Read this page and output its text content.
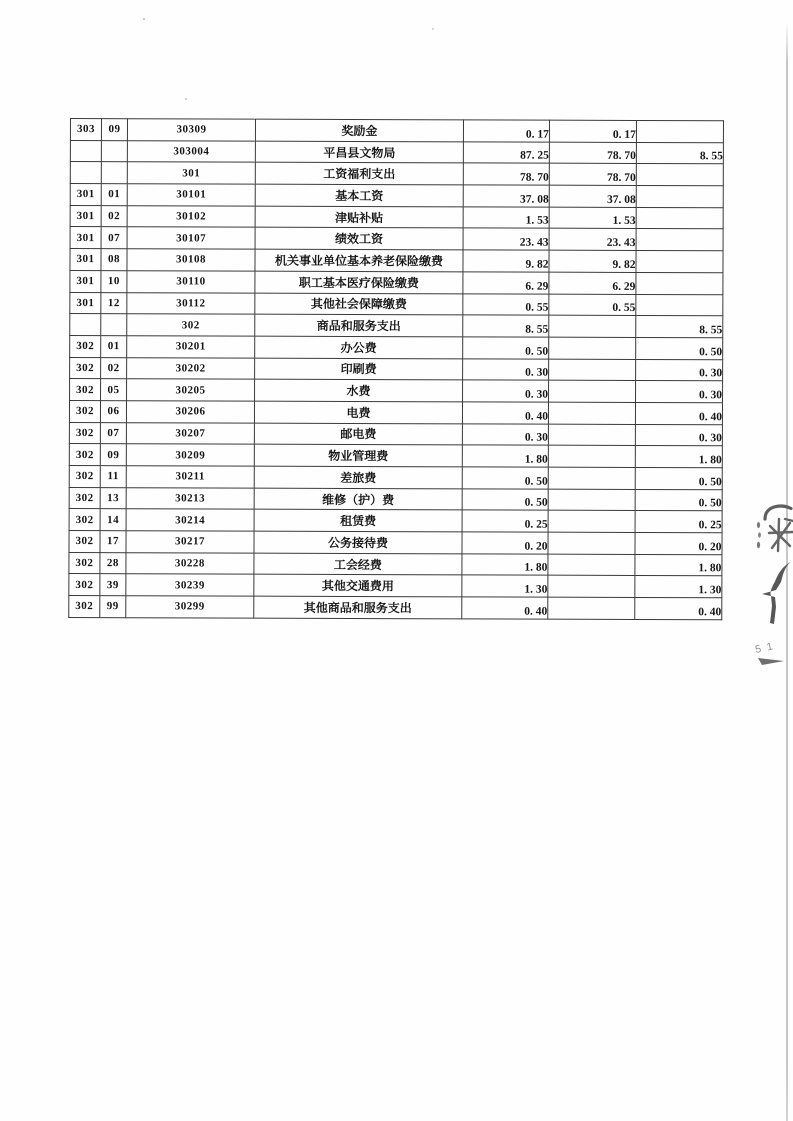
303	09	30309	奖励金	0. 17	0. 17	
		303004	平昌县文物局	87. 25	78. 70	8. 55
		301	工资福利支出	78. 70	78. 70	
301	01	30101	基本工资	37. 08	37. 08	
301	02	30102	津贴补贴	1. 53	1. 53	
301	07	30107	绩效工资	23. 43	23. 43	
301	08	30108	机关事业单位基本养老保险缴费	9. 82	9. 82	
301	10	30110	职工基本医疗保险缴费	6. 29	6. 29	
301	12	30112	其他社会保障缴费	0. 55	0. 55	
		302	商品和服务支出	8. 55		8. 55
302	01	30201	办公费	0. 50		0. 50
302	02	30202	印刷费	0. 30		0. 30
302	05	30205	水费	0. 30		0. 30
302	06	30206	电费	0. 40		0. 40
302	07	30207	邮电费	0. 30		0. 30
302	09	30209	物业管理费	1. 80		1. 80
302	11	30211	差旅费	0. 50		0. 50
302	13	30213	维修（护）费	0. 50		0. 50
302	14	30214	租赁费	0. 25		0. 25
302	17	30217	公务接待费	0. 20		0. 20
302	28	30228	工会经费	1. 80		1. 80
302	39	30239	其他交通费用	1. 30		1. 30
302	99	30299	其他商品和服务支出	0. 40		0. 40
5 1
